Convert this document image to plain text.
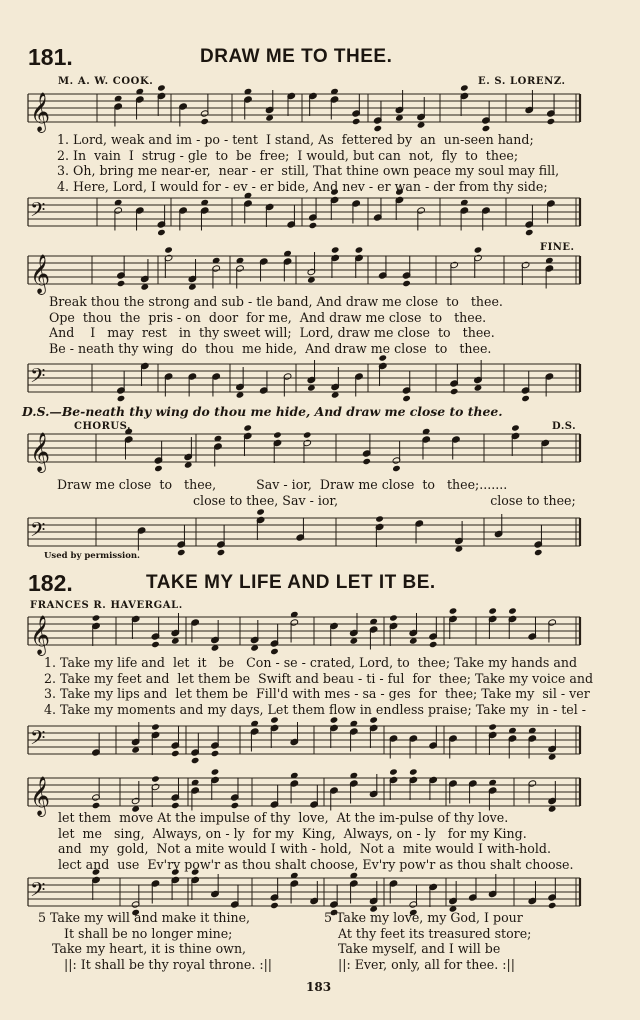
𝄞
𝄢
𝄞
𝄢
𝄞
𝄢
𝄞
𝄢
𝄞
𝄢
181.	DRAW ME TO THEE.
M. A. W. COOK.	E. S. LORENZ.
1. Lord, weak and im - po - tent  I stand, As  fettered by  an  un-seen hand;
2. In  vain  I  strug - gle  to  be  free;  I would, but can  not,  fly  to  thee;
3. Oh, bring me near-er,  near - er  still, That thine own peace my soul may fill,
4. Here, Lord, I would for - ev - er bide, And nev - er wan - der from thy side;
FINE.
Break thou the strong and sub - tle band, And draw me close  to   thee.
Ope  thou  the  pris - on  door  for me,  And draw me close  to   thee.
And    I   may  rest   in  thy sweet will;  Lord, draw me close  to   thee.
Be - neath thy wing  do  thou  me hide,  And draw me close  to   thee.
D.S.—Be-neath thy wing do thou me hide, And draw me close to thee.
CHORUS.	D.S.
Draw me close  to   thee,          Sav - ior,  Draw me close  to   thee;.......
close to thee, Sav - ior,                                      close to thee;
Used by permission.
182.	TAKE MY LIFE AND LET IT BE.
FRANCES R. HAVERGAL.
1. Take my life and  let  it   be   Con - se - crated, Lord, to  thee; Take my hands and
2. Take my feet and  let them be  Swift and beau - ti - ful  for  thee; Take my voice and
3. Take my lips and  let them be  Fill'd with mes - sa - ges  for  thee; Take my  sil - ver
4. Take my moments and my days, Let them flow in endless praise; Take my  in - tel -
let them  move At the impulse of thy  love,  At the im-pulse of thy love.
let  me   sing,  Always, on - ly  for my  King,  Always, on - ly   for my King.
and  my  gold,  Not a mite would I with - hold,  Not a  mite would I with-hold.
lect and  use  Ev'ry pow'r as thou shalt choose, Ev'ry pow'r as thou shalt choose.
5 Take my will and make it thine,
It shall be no longer mine;
Take my heart, it is thine own,
||: It shall be thy royal throne. :||
5 Take my love, my God, I pour
At thy feet its treasured store;
Take myself, and I will be
||: Ever, only, all for thee. :||
183
